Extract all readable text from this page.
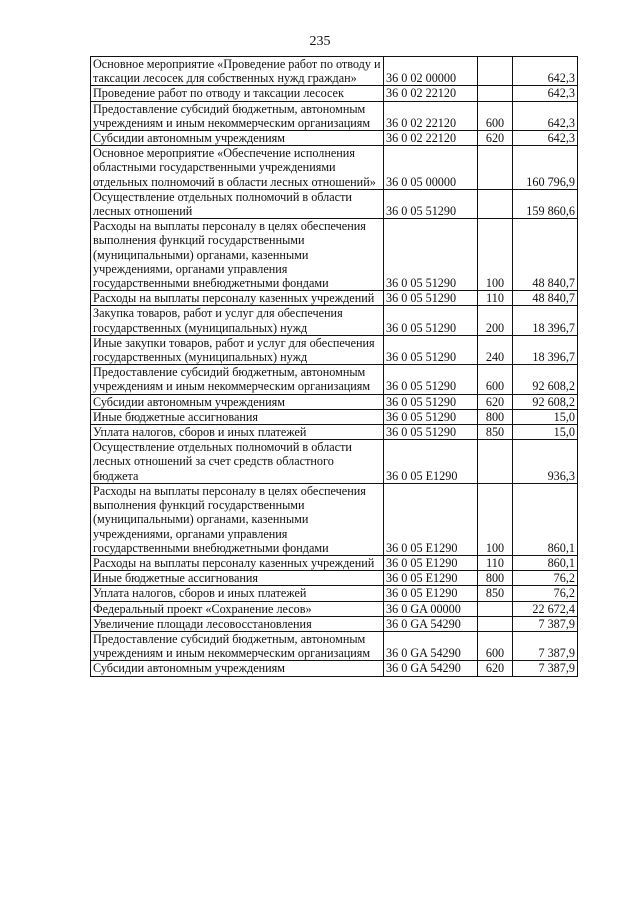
235
Основное мероприятие «Проведение работ по отводу и таксации лесосек для собственных нужд граждан»	36 0 02 00000		642,3
Проведение работ по отводу и таксации лесосек	36 0 02 22120		642,3
Предоставление субсидий бюджетным, автономным учреждениям и иным некоммерческим организациям	36 0 02 22120	600	642,3
Субсидии автономным учреждениям	36 0 02 22120	620	642,3
Основное мероприятие «Обеспечение исполнения областными государственными учреждениями отдельных полномочий в области лесных отношений»	36 0 05 00000		160 796,9
Осуществление отдельных полномочий в области лесных отношений	36 0 05 51290		159 860,6
Расходы на выплаты персоналу в целях обеспечения выполнения функций государственными (муниципальными) органами, казенными учреждениями, органами управления государственными внебюджетными фондами	36 0 05 51290	100	48 840,7
Расходы на выплаты персоналу казенных учреждений	36 0 05 51290	110	48 840,7
Закупка товаров, работ и услуг для обеспечения государственных (муниципальных) нужд	36 0 05 51290	200	18 396,7
Иные закупки товаров, работ и услуг для обеспечения государственных (муниципальных) нужд	36 0 05 51290	240	18 396,7
Предоставление субсидий бюджетным, автономным учреждениям и иным некоммерческим организациям	36 0 05 51290	600	92 608,2
Субсидии автономным учреждениям	36 0 05 51290	620	92 608,2
Иные бюджетные ассигнования	36 0 05 51290	800	15,0
Уплата налогов, сборов и иных платежей	36 0 05 51290	850	15,0
Осуществление отдельных полномочий в области лесных отношений за счет средств областного бюджета	36 0 05 E1290		936,3
Расходы на выплаты персоналу в целях обеспечения выполнения функций государственными (муниципальными) органами, казенными учреждениями, органами управления государственными внебюджетными фондами	36 0 05 E1290	100	860,1
Расходы на выплаты персоналу казенных учреждений	36 0 05 E1290	110	860,1
Иные бюджетные ассигнования	36 0 05 E1290	800	76,2
Уплата налогов, сборов и иных платежей	36 0 05 E1290	850	76,2
Федеральный проект «Сохранение лесов»	36 0 GA 00000		22 672,4
Увеличение площади лесовосстановления	36 0 GA 54290		7 387,9
Предоставление субсидий бюджетным, автономным учреждениям и иным некоммерческим организациям	36 0 GA 54290	600	7 387,9
Субсидии автономным учреждениям	36 0 GA 54290	620	7 387,9
